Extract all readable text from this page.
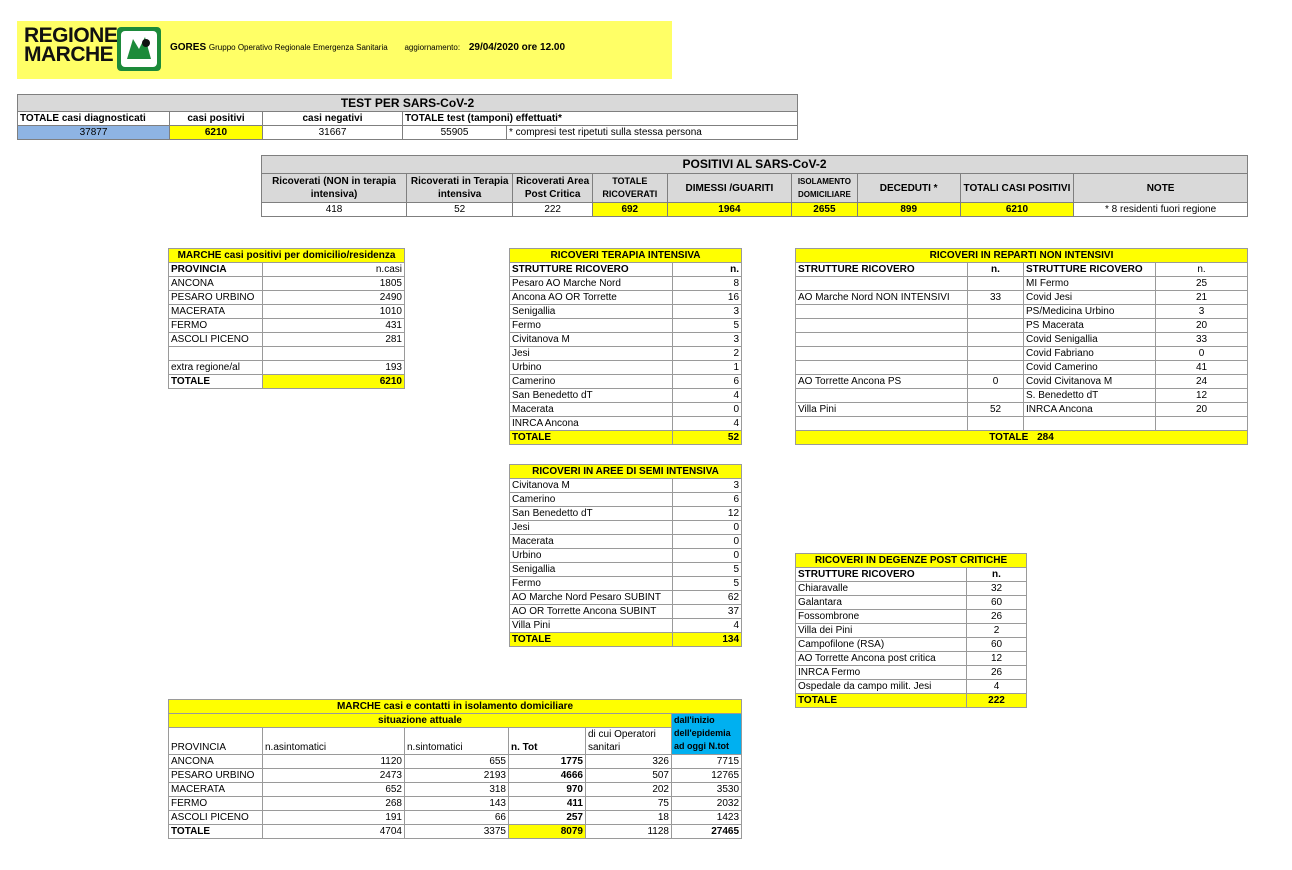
REGIONE
MARCHE	GORES Gruppo Operativo Regionale Emergenza Sanitaria aggiornamento: 29/04/2020 ore 12.00
TEST PER SARS-CoV-2				
TOTALE casi diagnosticati	casi positivi	casi negativi	TOTALE test (tamponi) effettuati*	
37877	6210	31667	55905	* compresi test ripetuti sulla stessa persona
POSITIVI AL SARS-CoV-2								
Ricoverati (NON in terapia intensiva)	Ricoverati in Terapia intensiva	Ricoverati Area Post Critica	TOTALE RICOVERATI	DIMESSI /GUARITI	ISOLAMENTO DOMICILIARE	DECEDUTI *	TOTALI CASI POSITIVI	NOTE
418	52	222	692	1964	2655	899	6210	* 8 residenti fuori regione
MARCHE casi positivi per domicilio/residenza	
PROVINCIA	n.casi
ANCONA	1805
PESARO URBINO	2490
MACERATA	1010
FERMO	431
ASCOLI PICENO	281

extra regione/al	193
TOTALE	6210
RICOVERI TERAPIA INTENSIVA	
STRUTTURE RICOVERO	n.
Pesaro AO Marche Nord	8
Ancona AO OR Torrette	16
Senigallia	3
Fermo	5
Civitanova M	3
Jesi	2
Urbino	1
Camerino	6
San Benedetto dT	4
Macerata	0
INRCA Ancona	4
TOTALE	52
RICOVERI IN AREE DI SEMI INTENSIVA	
Civitanova M	3
Camerino	6
San Benedetto dT	12
Jesi	0
Macerata	0
Urbino	0
Senigallia	5
Fermo	5
AO Marche Nord Pesaro SUBINT	62
AO OR Torrette Ancona SUBINT	37
Villa Pini	4
TOTALE	134
RICOVERI IN REPARTI NON INTENSIVI			
STRUTTURE RICOVERO	n.	STRUTTURE RICOVERO	n.
		MI Fermo	25
AO Marche Nord NON INTENSIVI	33	Covid Jesi	21
		PS/Medicina Urbino	3
		PS Macerata	20
		Covid Senigallia	33
		Covid Fabriano	0
		Covid Camerino	41
AO Torrette Ancona PS	0	Covid Civitanova M	24
		S. Benedetto dT	12
Villa Pini	52	INRCA Ancona	20

TOTALE 284			
RICOVERI IN DEGENZE POST CRITICHE	
STRUTTURE RICOVERO	n.
Chiaravalle	32
Galantara	60
Fossombrone	26
Villa dei Pini	2
Campofilone (RSA)	60
AO Torrette Ancona post critica	12
INRCA Fermo	26
Ospedale da campo milit. Jesi	4
TOTALE	222
MARCHE casi e contatti in isolamento domiciliare					
situazione attuale					dall'inizio dell'epidemia ad oggi N.tot
PROVINCIA	n.asintomatici	n.sintomatici	n. Tot	di cui Operatori sanitari	
ANCONA	1120	655	1775	326	7715
PESARO URBINO	2473	2193	4666	507	12765
MACERATA	652	318	970	202	3530
FERMO	268	143	411	75	2032
ASCOLI PICENO	191	66	257	18	1423
TOTALE	4704	3375	8079	1128	27465
